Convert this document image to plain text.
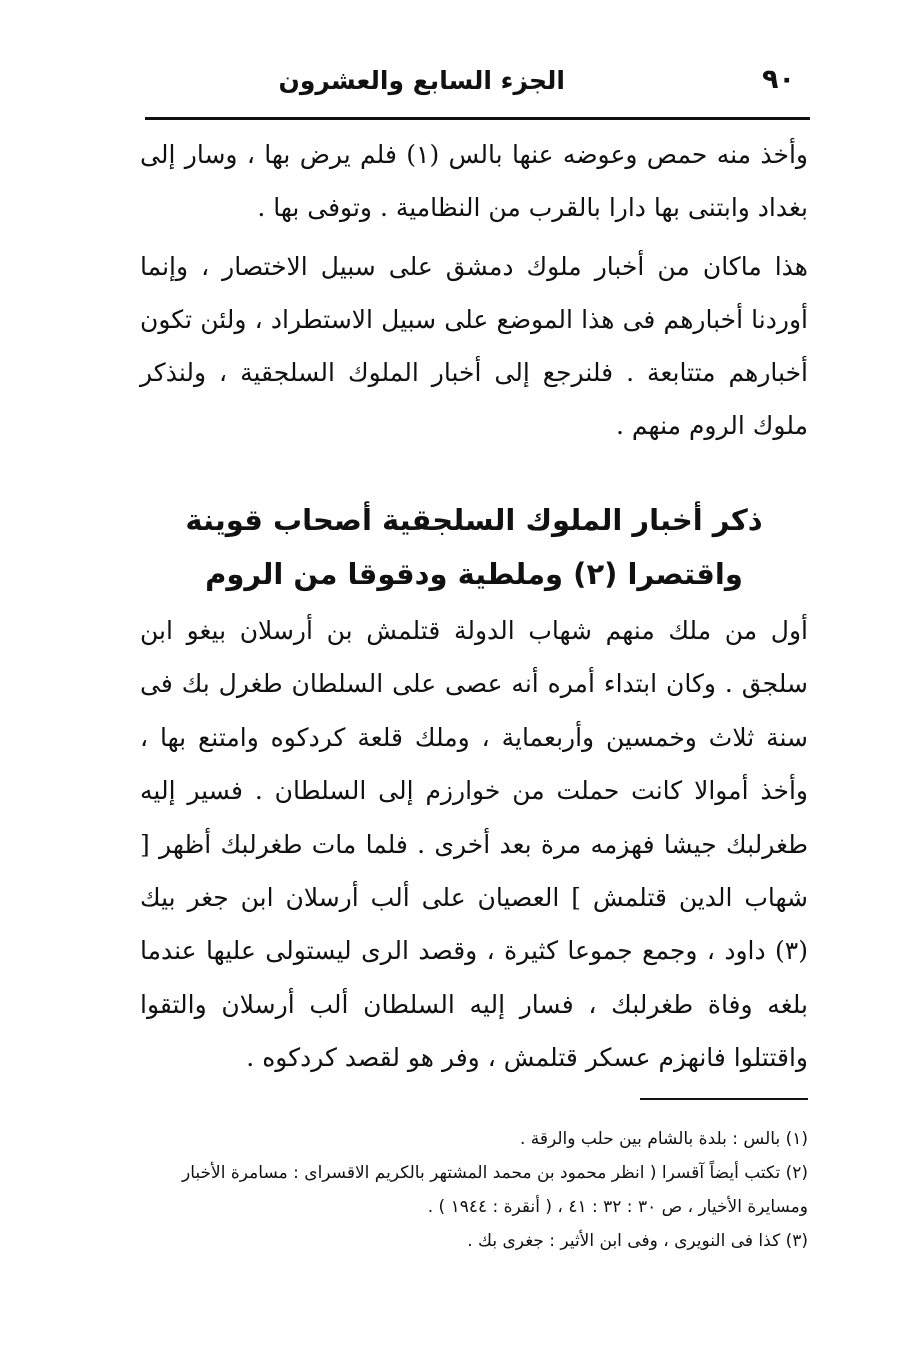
٩٠
الجزء السابع والعشرون
وأخذ منه حمص وعوضه عنها بالس (١) فلم يرض بها ، وسار إلى بغداد وابتنى بها دارا بالقرب من النظامية . وتوفى بها .
هذا ماكان من أخبار ملوك دمشق على سبيل الاختصار ، وإنما أوردنا أخبارهم فى هذا الموضع على سبيل الاستطراد ، ولئن تكون أخبارهم متتابعة . فلنرجع إلى أخبار الملوك السلجقية ، ولنذكر ملوك الروم منهم .
ذكر أخبار الملوك السلجقية أصحاب قوينة
واقتصرا (٢) وملطية ودقوقا من الروم
أول من ملك منهم شهاب الدولة قتلمش بن أرسلان بيغو ابن سلجق . وكان ابتداء أمره أنه عصى على السلطان طغرل بك فى سنة ثلاث وخمسين وأربعماية ، وملك قلعة كردكوه وامتنع بها ، وأخذ أموالا كانت حملت من خوارزم إلى السلطان . فسير إليه طغرلبك جيشا فهزمه مرة بعد أخرى . فلما مات طغرلبك أظهر [ شهاب الدين قتلمش ] العصيان على ألب أرسلان ابن جغر بيك (٣) داود ، وجمع جموعا كثيرة ، وقصد الرى ليستولى عليها عندما بلغه وفاة طغرلبك ، فسار إليه السلطان ألب أرسلان والتقوا واقتتلوا فانهزم عسكر قتلمش ، وفر هو لقصد كردكوه .
(١) بالس : بلدة بالشام بين حلب والرقة .
(٢) تكتب أيضاً آقسرا ( انظر محمود بن محمد المشتهر بالكريم الاقسراى : مسامرة الأخبار ومسايرة الأخيار ، ص ٣٠ : ٣٢ : ٤١ ، ( أنقرة : ١٩٤٤ ) .
(٣) كذا فى النويرى ، وفى ابن الأثير : جغرى بك .
